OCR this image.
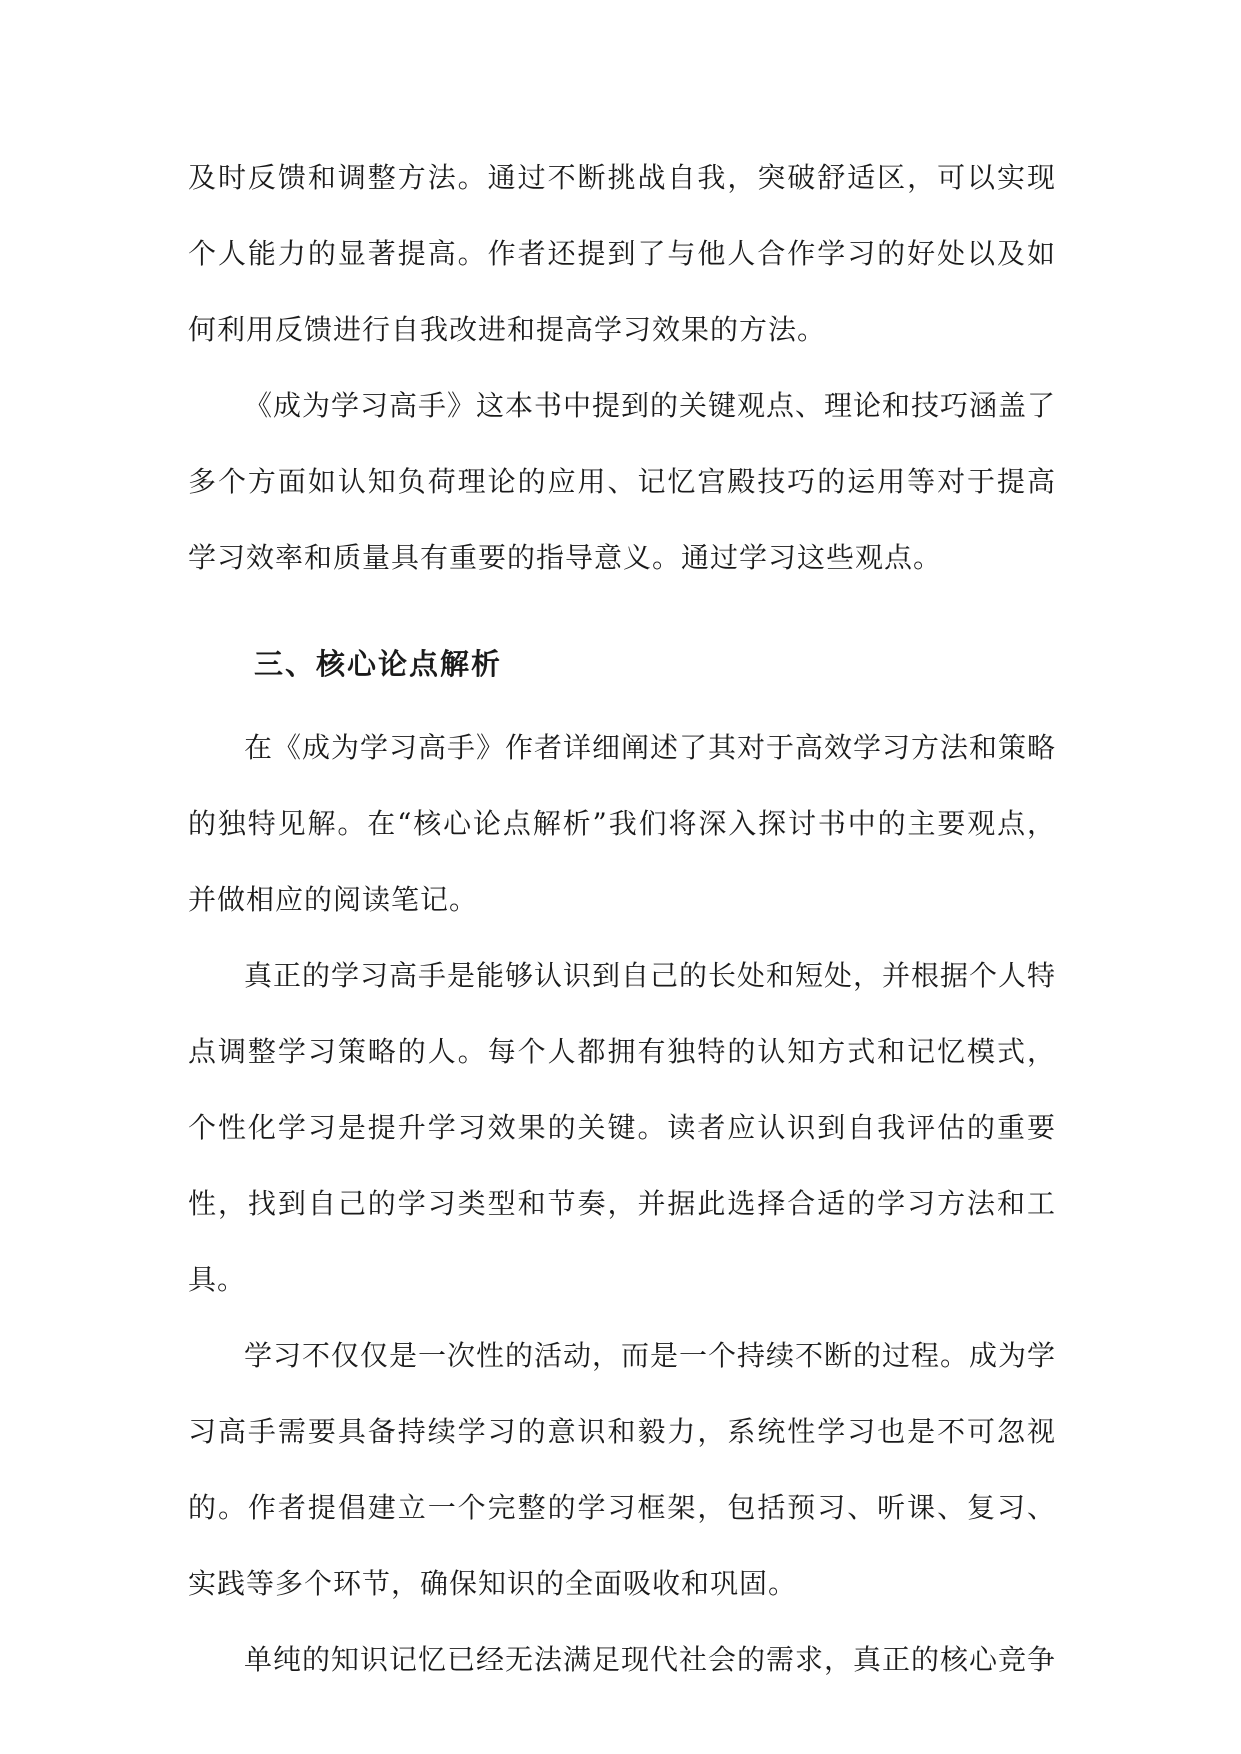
及时反馈和调整方法。通过不断挑战自我，突破舒适区，可以实现个人能力的显著提高。作者还提到了与他人合作学习的好处以及如何利用反馈进行自我改进和提高学习效果的方法。

《成为学习高手》这本书中提到的关键观点、理论和技巧涵盖了多个方面如认知负荷理论的应用、记忆宫殿技巧的运用等对于提高学习效率和质量具有重要的指导意义。通过学习这些观点。

三、核心论点解析

在《成为学习高手》作者详细阐述了其对于高效学习方法和策略的独特见解。在“核心论点解析”我们将深入探讨书中的主要观点，并做相应的阅读笔记。

真正的学习高手是能够认识到自己的长处和短处，并根据个人特点调整学习策略的人。每个人都拥有独特的认知方式和记忆模式，个性化学习是提升学习效果的关键。读者应认识到自我评估的重要性，找到自己的学习类型和节奏，并据此选择合适的学习方法和工具。

学习不仅仅是一次性的活动，而是一个持续不断的过程。成为学习高手需要具备持续学习的意识和毅力，系统性学习也是不可忽视的。作者提倡建立一个完整的学习框架，包括预习、听课、复习、实践等多个环节，确保知识的全面吸收和巩固。

单纯的知识记忆已经无法满足现代社会的需求，真正的核心竞争
